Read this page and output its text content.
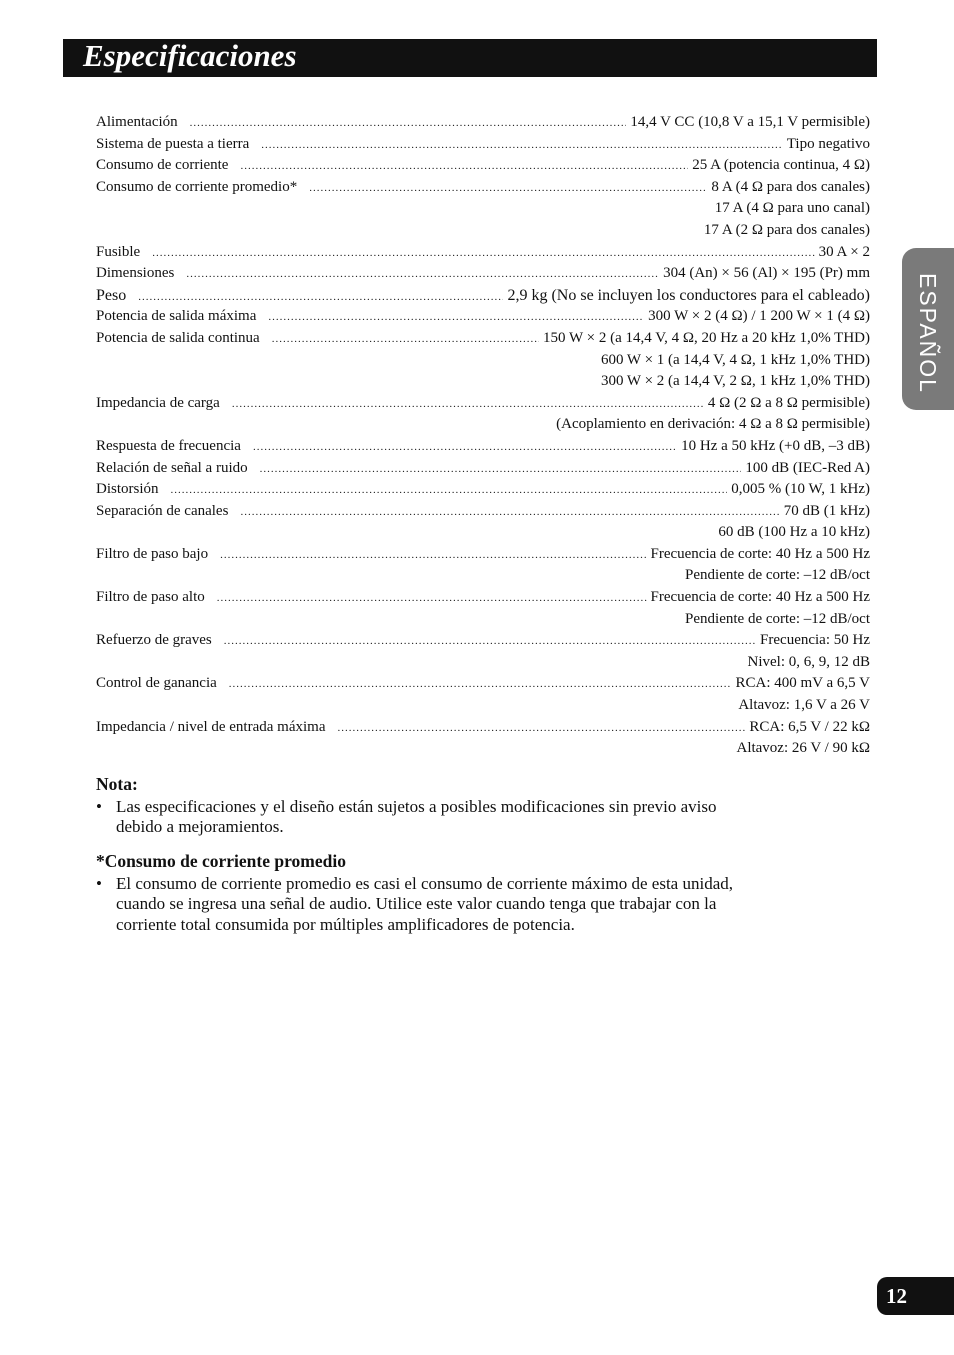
Especificaciones
ESPAÑOL
Alimentación .....	14,4 V CC (10,8 V a 15,1 V permisible)
Sistema de puesta a tierra .....	Tipo negativo
Consumo de corriente .....	25 A (potencia continua, 4 Ω)
Consumo de corriente promedio* .....	8 A (4 Ω para dos canales)
17 A (4 Ω para uno canal)
17 A (2 Ω para dos canales)
Fusible .....	30 A × 2
Dimensiones .....	304 (An) × 56 (Al) × 195 (Pr) mm
Peso .....	2,9 kg (No se incluyen los conductores para el cableado)
Potencia de salida máxima .....	300 W × 2 (4 Ω) / 1 200 W × 1 (4 Ω)
Potencia de salida continua .....	150 W × 2 (a 14,4 V, 4 Ω, 20 Hz a 20 kHz 1,0% THD)
600 W × 1 (a 14,4 V, 4 Ω, 1 kHz 1,0% THD)
300 W × 2 (a 14,4 V, 2 Ω, 1 kHz 1,0% THD)
Impedancia de carga .....	4 Ω (2 Ω a 8 Ω permisible)
(Acoplamiento en derivación: 4 Ω a 8 Ω permisible)
Respuesta de frecuencia .....	10 Hz a 50 kHz (+0 dB, –3 dB)
Relación de señal a ruido .....	100 dB (IEC-Red A)
Distorsión .....	0,005 % (10 W, 1 kHz)
Separación de canales .....	70 dB (1 kHz)
60 dB (100 Hz a 10 kHz)
Filtro de paso bajo .....	Frecuencia de corte: 40 Hz a 500 Hz
Pendiente de corte: –12 dB/oct
Filtro de paso alto .....	Frecuencia de corte: 40 Hz a 500 Hz
Pendiente de corte: –12 dB/oct
Refuerzo de graves .....	Frecuencia: 50 Hz
Nivel: 0, 6, 9, 12 dB
Control de ganancia .....	RCA: 400 mV a 6,5 V
Altavoz: 1,6 V a 26 V
Impedancia / nivel de entrada máxima .....	RCA: 6,5 V / 22 kΩ
Altavoz: 26 V / 90 kΩ
Nota:
• Las especificaciones y el diseño están sujetos a posibles modificaciones sin previo aviso debido a mejoramientos.
*Consumo de corriente promedio
• El consumo de corriente promedio es casi el consumo de corriente máximo de esta unidad, cuando se ingresa una señal de audio. Utilice este valor cuando tenga que trabajar con la corriente total consumida por múltiples amplificadores de potencia.
12
